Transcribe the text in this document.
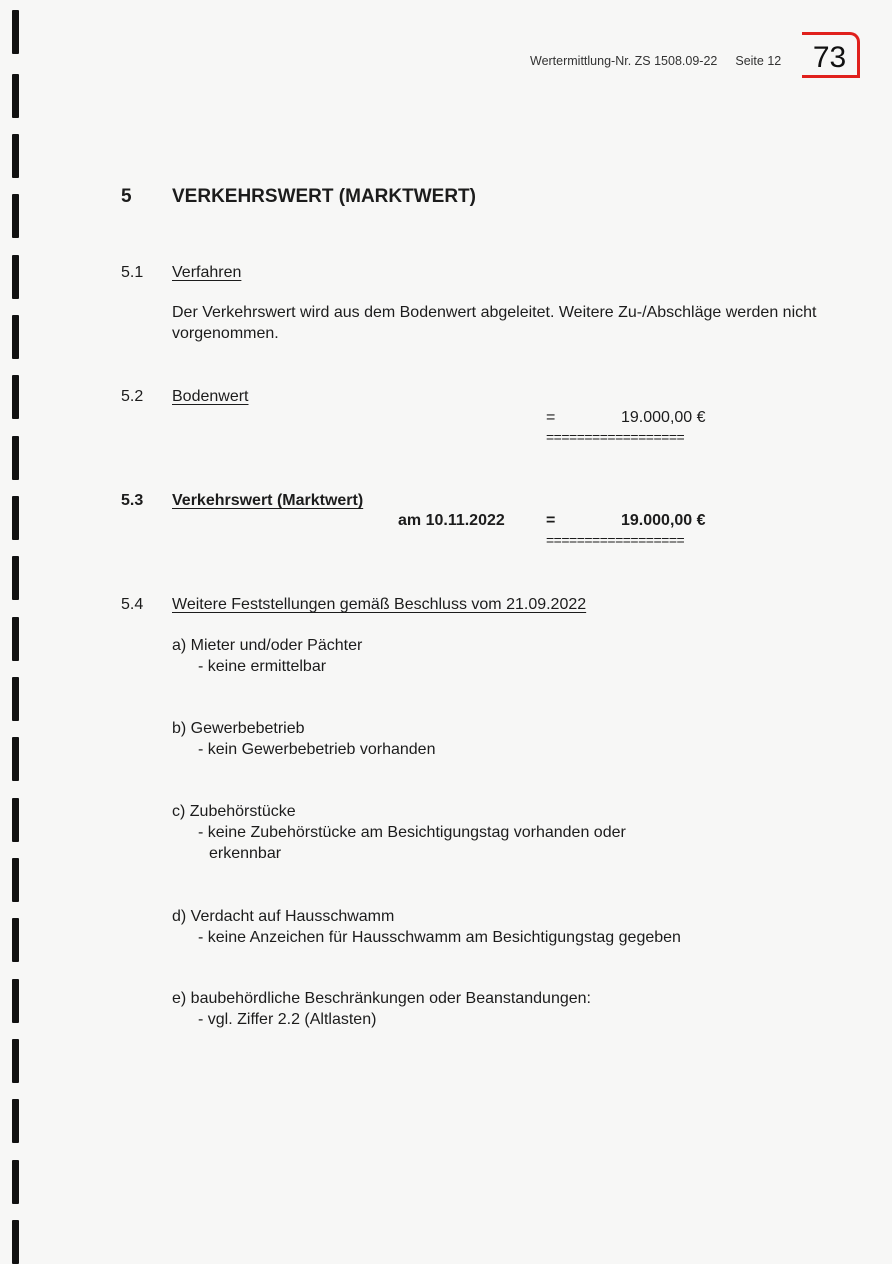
Wertermittlung-Nr. ZS 1508.09-22 Seite 12	73
5 VERKEHRSWERT (MARKTWERT)
5.1 Verfahren
Der Verkehrswert wird aus dem Bodenwert abgeleitet. Weitere Zu-/Abschläge werden nicht vorgenommen.
5.2 Bodenwert
=	19.000,00 €
==================
5.3 Verkehrswert (Marktwert)
am 10.11.2022	=	19.000,00 €
==================
5.4 Weitere Feststellungen gemäß Beschluss vom 21.09.2022
a) Mieter und/oder Pächter
- keine ermittelbar
b) Gewerbebetrieb
- kein Gewerbebetrieb vorhanden
c) Zubehörstücke
- keine Zubehörstücke am Besichtigungstag vorhanden oder
erkennbar
d) Verdacht auf Hausschwamm
- keine Anzeichen für Hausschwamm am Besichtigungstag gegeben
e) baubehördliche Beschränkungen oder Beanstandungen:
- vgl. Ziffer 2.2 (Altlasten)
